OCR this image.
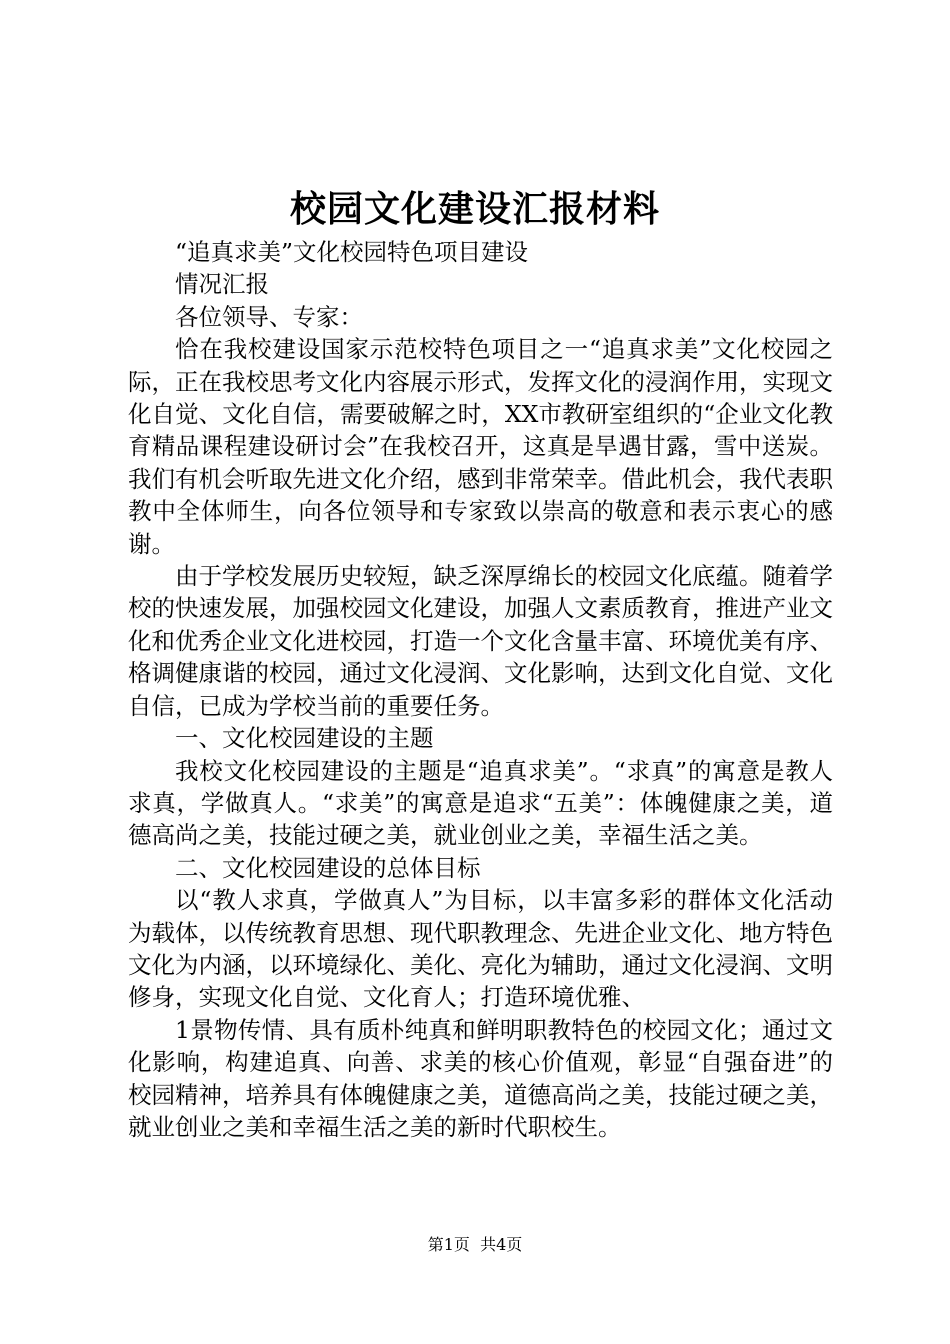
校园文化建设汇报材料

“追真求美”文化校园特色项目建设

情况汇报

各位领导、专家：

恰在我校建设国家示范校特色项目之一“追真求美”文化校园之际，正在我校思考文化内容展示形式，发挥文化的浸润作用，实现文化自觉、文化自信，需要破解之时，XX市教研室组织的“企业文化教育精品课程建设研讨会”在我校召开，这真是旱遇甘露，雪中送炭。我们有机会听取先进文化介绍，感到非常荣幸。借此机会，我代表职教中全体师生，向各位领导和专家致以崇高的敬意和表示衷心的感谢。

由于学校发展历史较短，缺乏深厚绵长的校园文化底蕴。随着学校的快速发展，加强校园文化建设，加强人文素质教育，推进产业文化和优秀企业文化进校园，打造一个文化含量丰富、环境优美有序、格调健康谐的校园，通过文化浸润、文化影响，达到文化自觉、文化自信，已成为学校当前的重要任务。

一、文化校园建设的主题

我校文化校园建设的主题是“追真求美”。“求真”的寓意是教人求真，学做真人。“求美”的寓意是追求“五美”：体魄健康之美，道德高尚之美，技能过硬之美，就业创业之美，幸福生活之美。

二、文化校园建设的总体目标

以“教人求真，学做真人”为目标，以丰富多彩的群体文化活动为载体，以传统教育思想、现代职教理念、先进企业文化、地方特色文化为内涵，以环境绿化、美化、亮化为辅助，通过文化浸润、文明修身，实现文化自觉、文化育人；打造环境优雅、

1景物传情、具有质朴纯真和鲜明职教特色的校园文化；通过文化影响，构建追真、向善、求美的核心价值观，彰显“自强奋进”的校园精神，培养具有体魄健康之美，道德高尚之美，技能过硬之美，就业创业之美和幸福生活之美的新时代职校生。

第1页  共4页
